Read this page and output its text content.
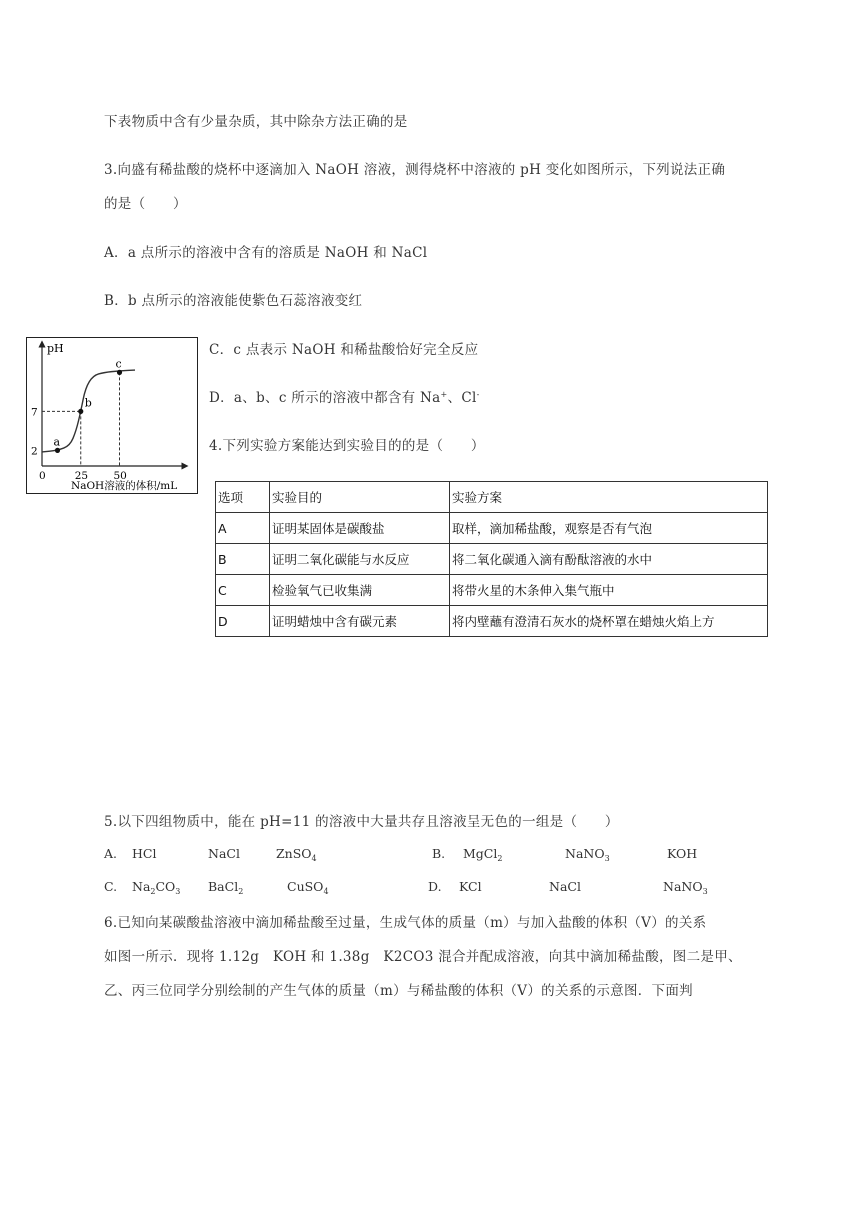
下表物质中含有少量杂质，其中除杂方法正确的是
3.向盛有稀盐酸的烧杯中逐滴加入 NaOH 溶液，测得烧杯中溶液的 pH 变化如图所示，下列说法正确
的是（　　）
A．a 点所示的溶液中含有的溶质是 NaOH 和 NaCl
B．b 点所示的溶液能使紫色石蕊溶液变红
C．c 点表示 NaOH 和稀盐酸恰好完全反应
D．a、b、c 所示的溶液中都含有 Na+、Cl-
pH
NaOH溶液的体积/mL
a
b
c
0	25 50
2
7
4.下列实验方案能达到实验目的的是（　　）
选项	实验目的	实验方案
A	证明某固体是碳酸盐	取样，滴加稀盐酸，观察是否有气泡
B	证明二氧化碳能与水反应	将二氧化碳通入滴有酚酞溶液的水中
C	检验氧气已收集满	将带火星的木条伸入集气瓶中
D	证明蜡烛中含有碳元素	将内壁蘸有澄清石灰水的烧杯罩在蜡烛火焰上方
5.以下四组物质中，能在 pH=11 的溶液中大量共存且溶液呈无色的一组是（　　）
A. HCl	NaCl	ZnSO$_4$	B. MgCl$_2$	NaNO$_3$	KOH
C. $Na_2CO_3$ BaCl$_2$	CuSO$_4$	D. KCl	NaCl	NaNO$_3$
6.已知向某碳酸盐溶液中滴加稀盐酸至过量，生成气体的质量（m）与加入盐酸的体积（V）的关系
如图一所示．现将 1.12g　KOH 和 1.38g　K2CO3 混合并配成溶液，向其中滴加稀盐酸，图二是甲、
乙、丙三位同学分别绘制的产生气体的质量（m）与稀盐酸的体积（V）的关系的示意图．下面判
